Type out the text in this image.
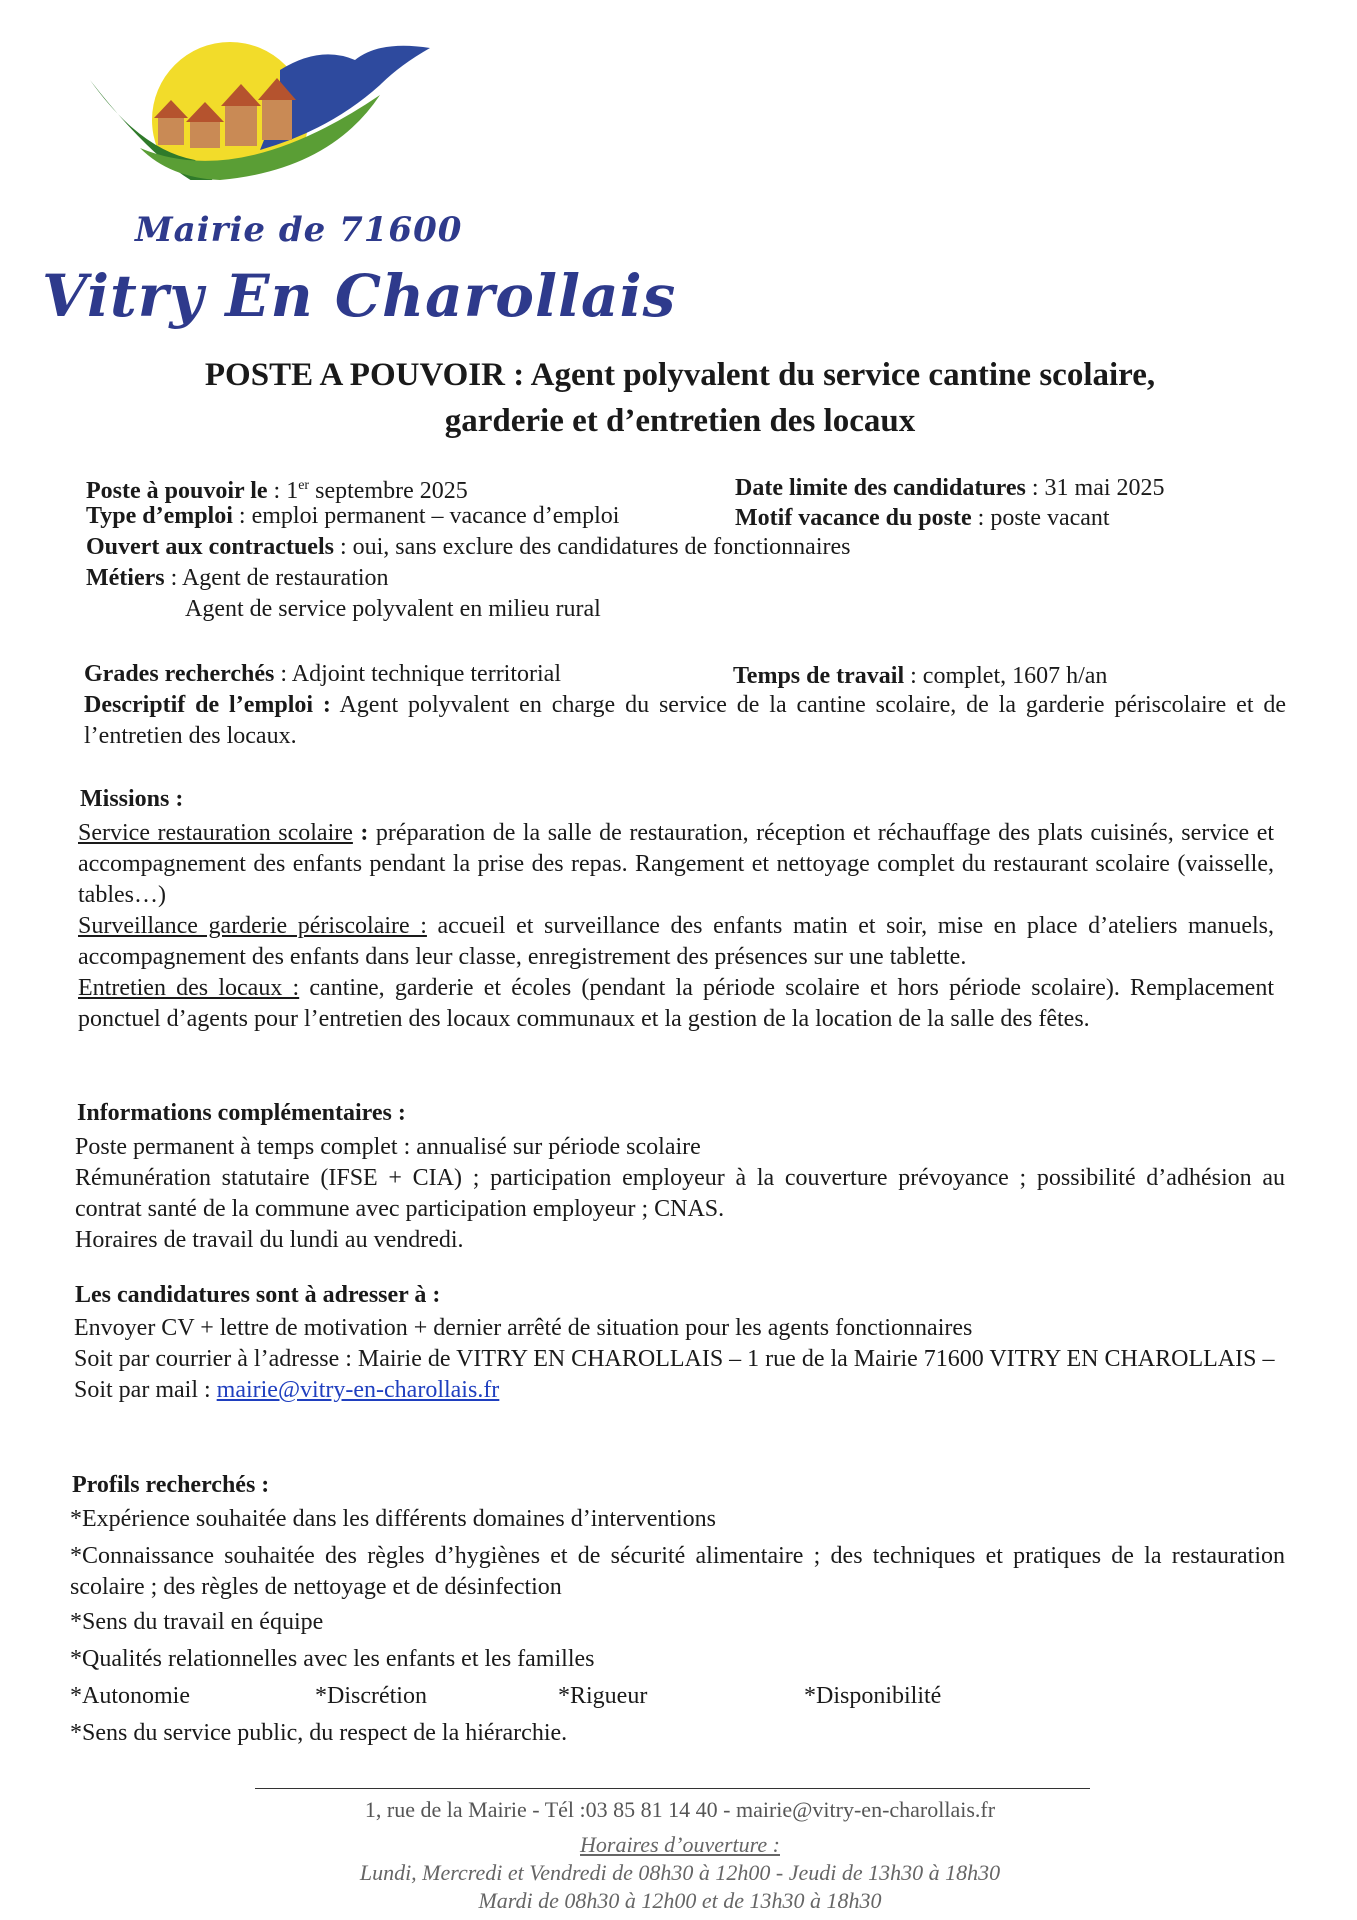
Mairie de 71600
Vitry En Charollais
POSTE A POUVOIR : Agent polyvalent du service cantine scolaire,
garderie et d’entretien des locaux
Poste à pouvoir le : 1er septembre 2025	Date limite des candidatures : 31 mai 2025
Type d’emploi : emploi permanent – vacance d’emploi	Motif vacance du poste : poste vacant
Ouvert aux contractuels : oui, sans exclure des candidatures de fonctionnaires
Métiers : Agent de restauration
Agent de service polyvalent en milieu rural
Grades recherchés : Adjoint technique territorial	Temps de travail : complet, 1607 h/an
Descriptif de l’emploi : Agent polyvalent en charge du service de la cantine scolaire, de la garderie périscolaire et de l’entretien des locaux.
Missions :
Service restauration scolaire : préparation de la salle de restauration, réception et réchauffage des plats cuisinés, service et accompagnement des enfants pendant la prise des repas. Rangement et nettoyage complet du restaurant scolaire (vaisselle, tables…)
Surveillance garderie périscolaire : accueil et surveillance des enfants matin et soir, mise en place d’ateliers manuels, accompagnement des enfants dans leur classe, enregistrement des présences sur une tablette.
Entretien des locaux : cantine, garderie et écoles (pendant la période scolaire et hors période scolaire). Remplacement ponctuel d’agents pour l’entretien des locaux communaux et la gestion de la location de la salle des fêtes.
Informations complémentaires :
Poste permanent à temps complet : annualisé sur période scolaire
Rémunération statutaire (IFSE + CIA) ; participation employeur à la couverture prévoyance ; possibilité d’adhésion au contrat santé de la commune avec participation employeur ; CNAS.
Horaires de travail du lundi au vendredi.
Les candidatures sont à adresser à :
Envoyer CV + lettre de motivation + dernier arrêté de situation pour les agents fonctionnaires
Soit par courrier à l’adresse : Mairie de VITRY EN CHAROLLAIS – 1 rue de la Mairie 71600 VITRY EN CHAROLLAIS –
Soit par mail : mairie@vitry-en-charollais.fr
Profils recherchés :
*Expérience souhaitée dans les différents domaines d’interventions
*Connaissance souhaitée des règles d’hygiènes et de sécurité alimentaire ; des techniques et pratiques de la restauration scolaire ; des règles de nettoyage et de désinfection
*Sens du travail en équipe
*Qualités relationnelles avec les enfants et les familles
*Autonomie	*Discrétion	*Rigueur	*Disponibilité
*Sens du service public, du respect de la hiérarchie.
1, rue de la Mairie - Tél :03 85 81 14 40 - mairie@vitry-en-charollais.fr
Horaires d’ouverture :
Lundi, Mercredi et Vendredi de 08h30 à 12h00 - Jeudi de 13h30 à 18h30
Mardi de 08h30 à 12h00 et de 13h30 à 18h30
